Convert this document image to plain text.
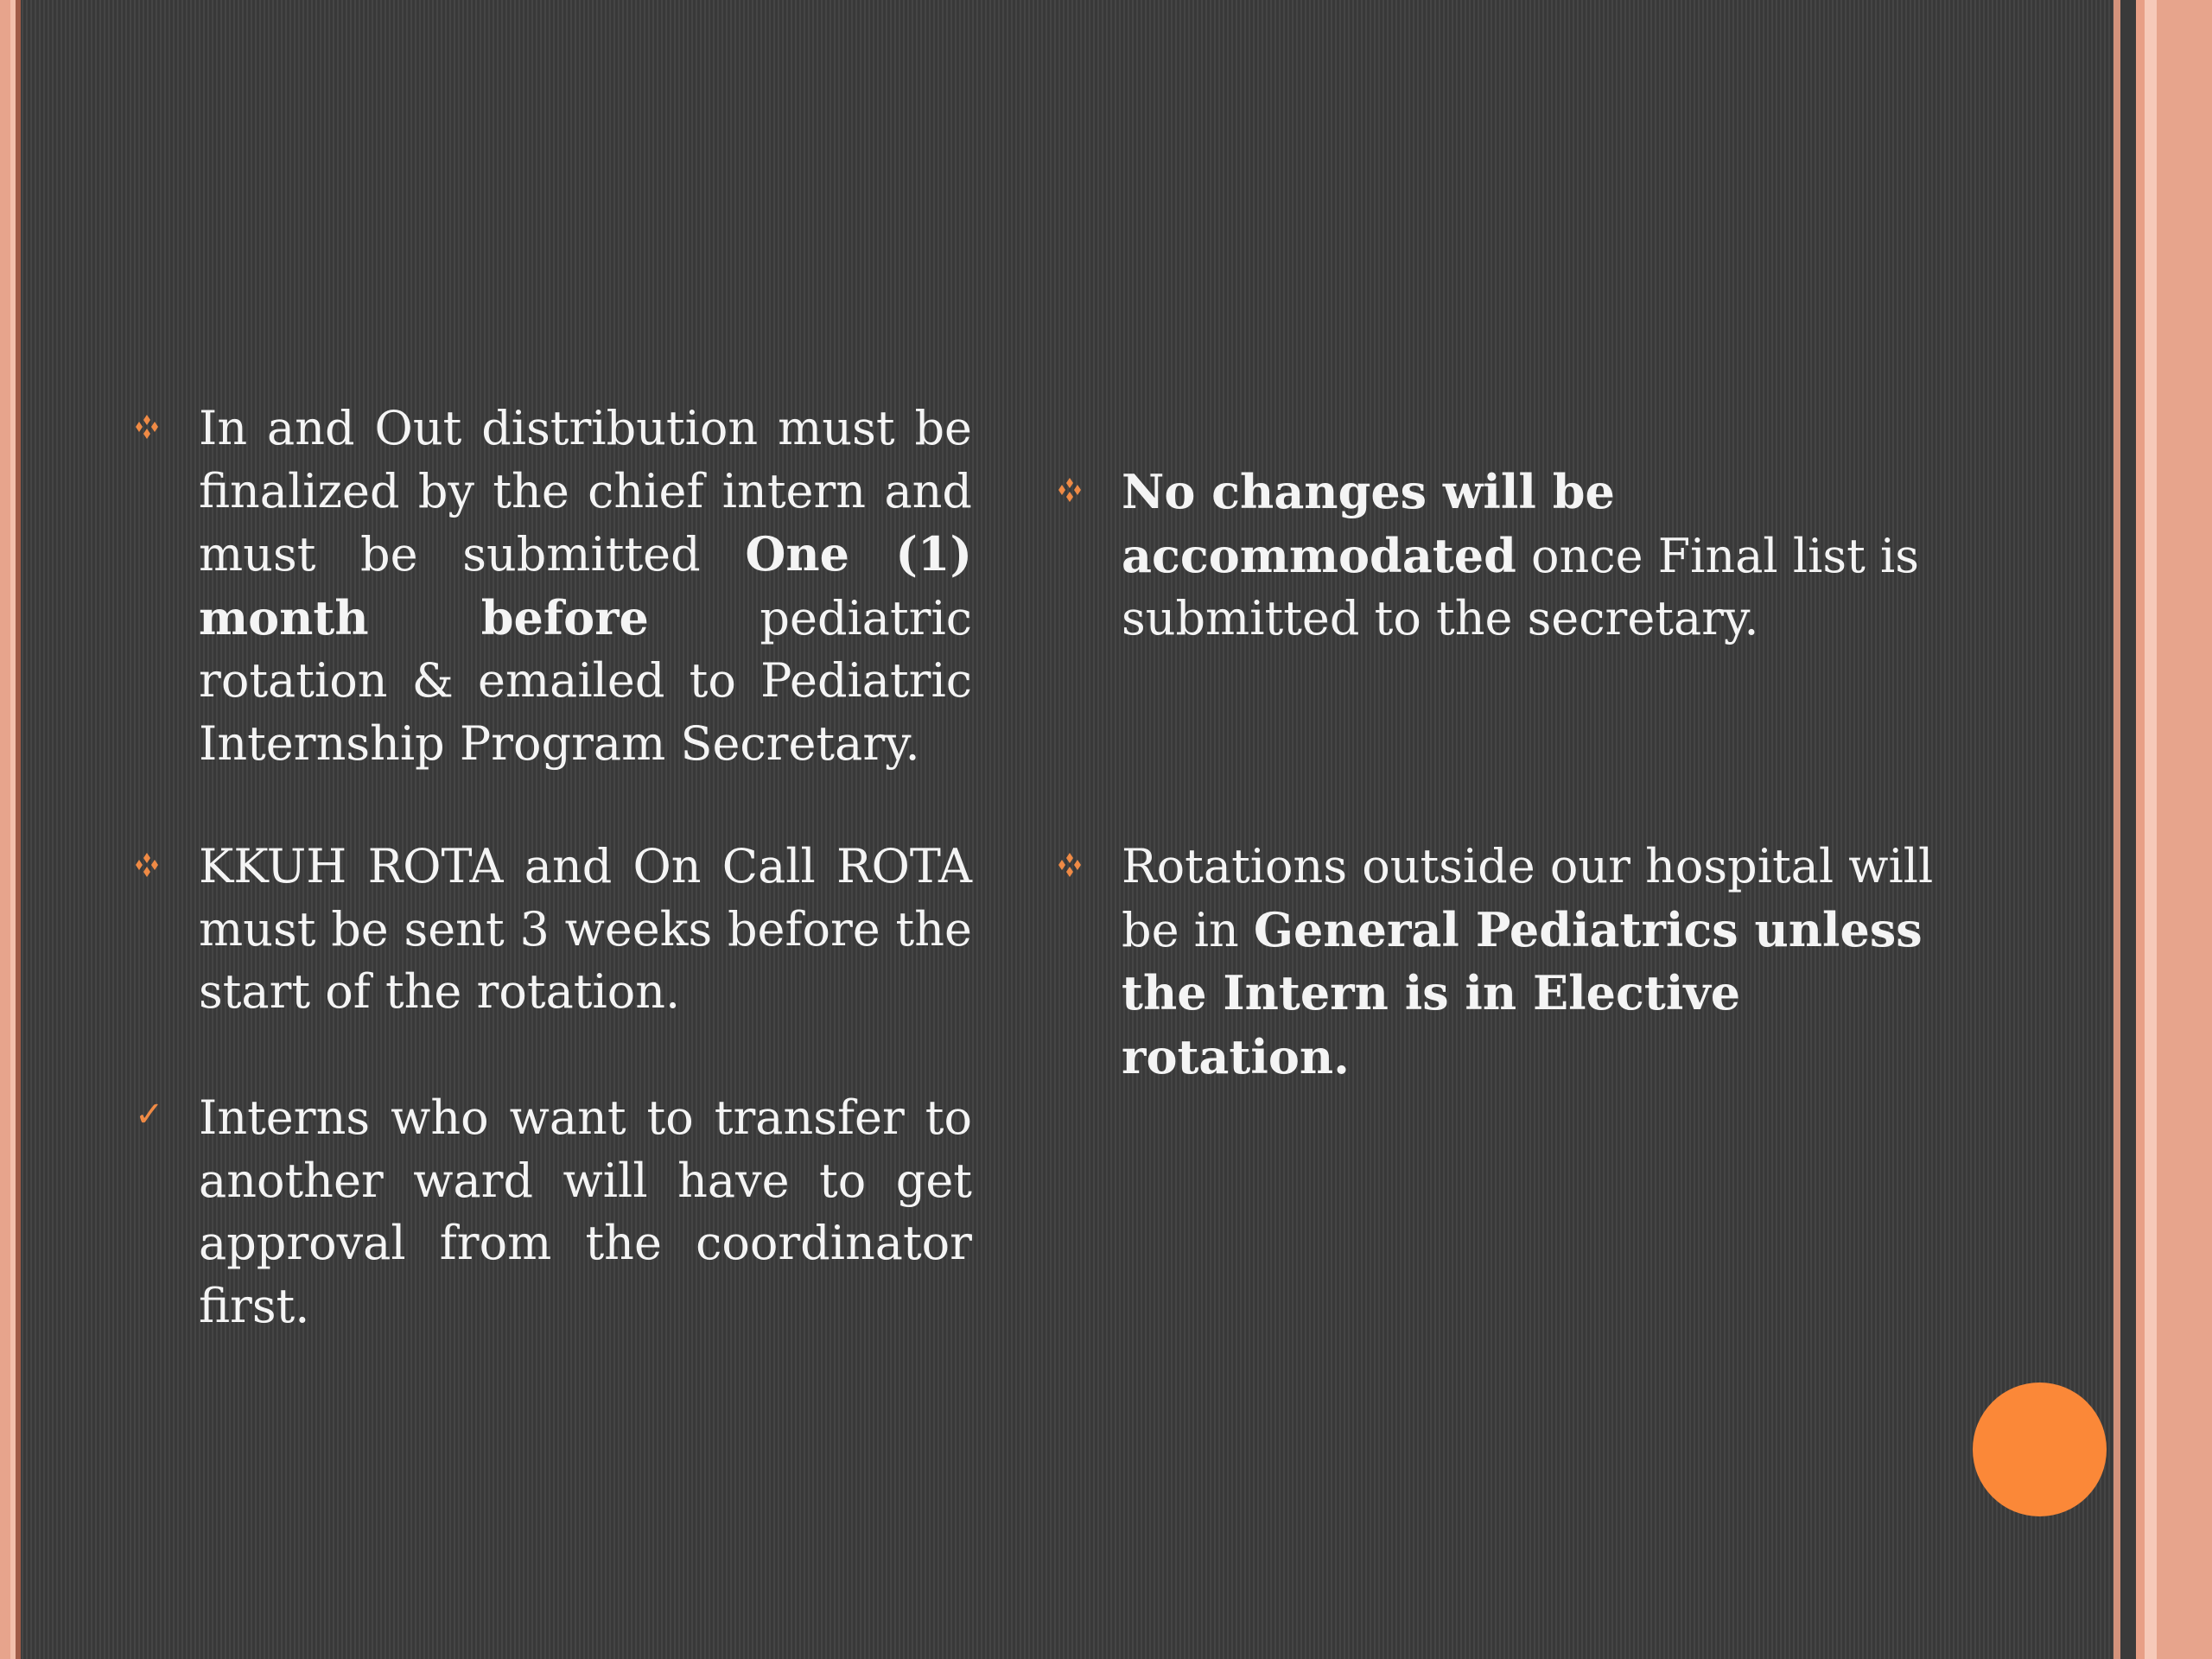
In and Out distribution must be finalized by the chief intern and must be submitted One (1) month before pediatric rotation & emailed to Pediatric Internship Program Secretary.
KKUH ROTA and On Call ROTA must be sent 3 weeks before the start of the rotation.
✓ Interns who want to transfer to another ward will have to get approval from the coordinator first.
No changes will be accommodated once Final list is submitted to the secretary.
Rotations outside our hospital will be in General Pediatrics unless the Intern is in Elective rotation.
